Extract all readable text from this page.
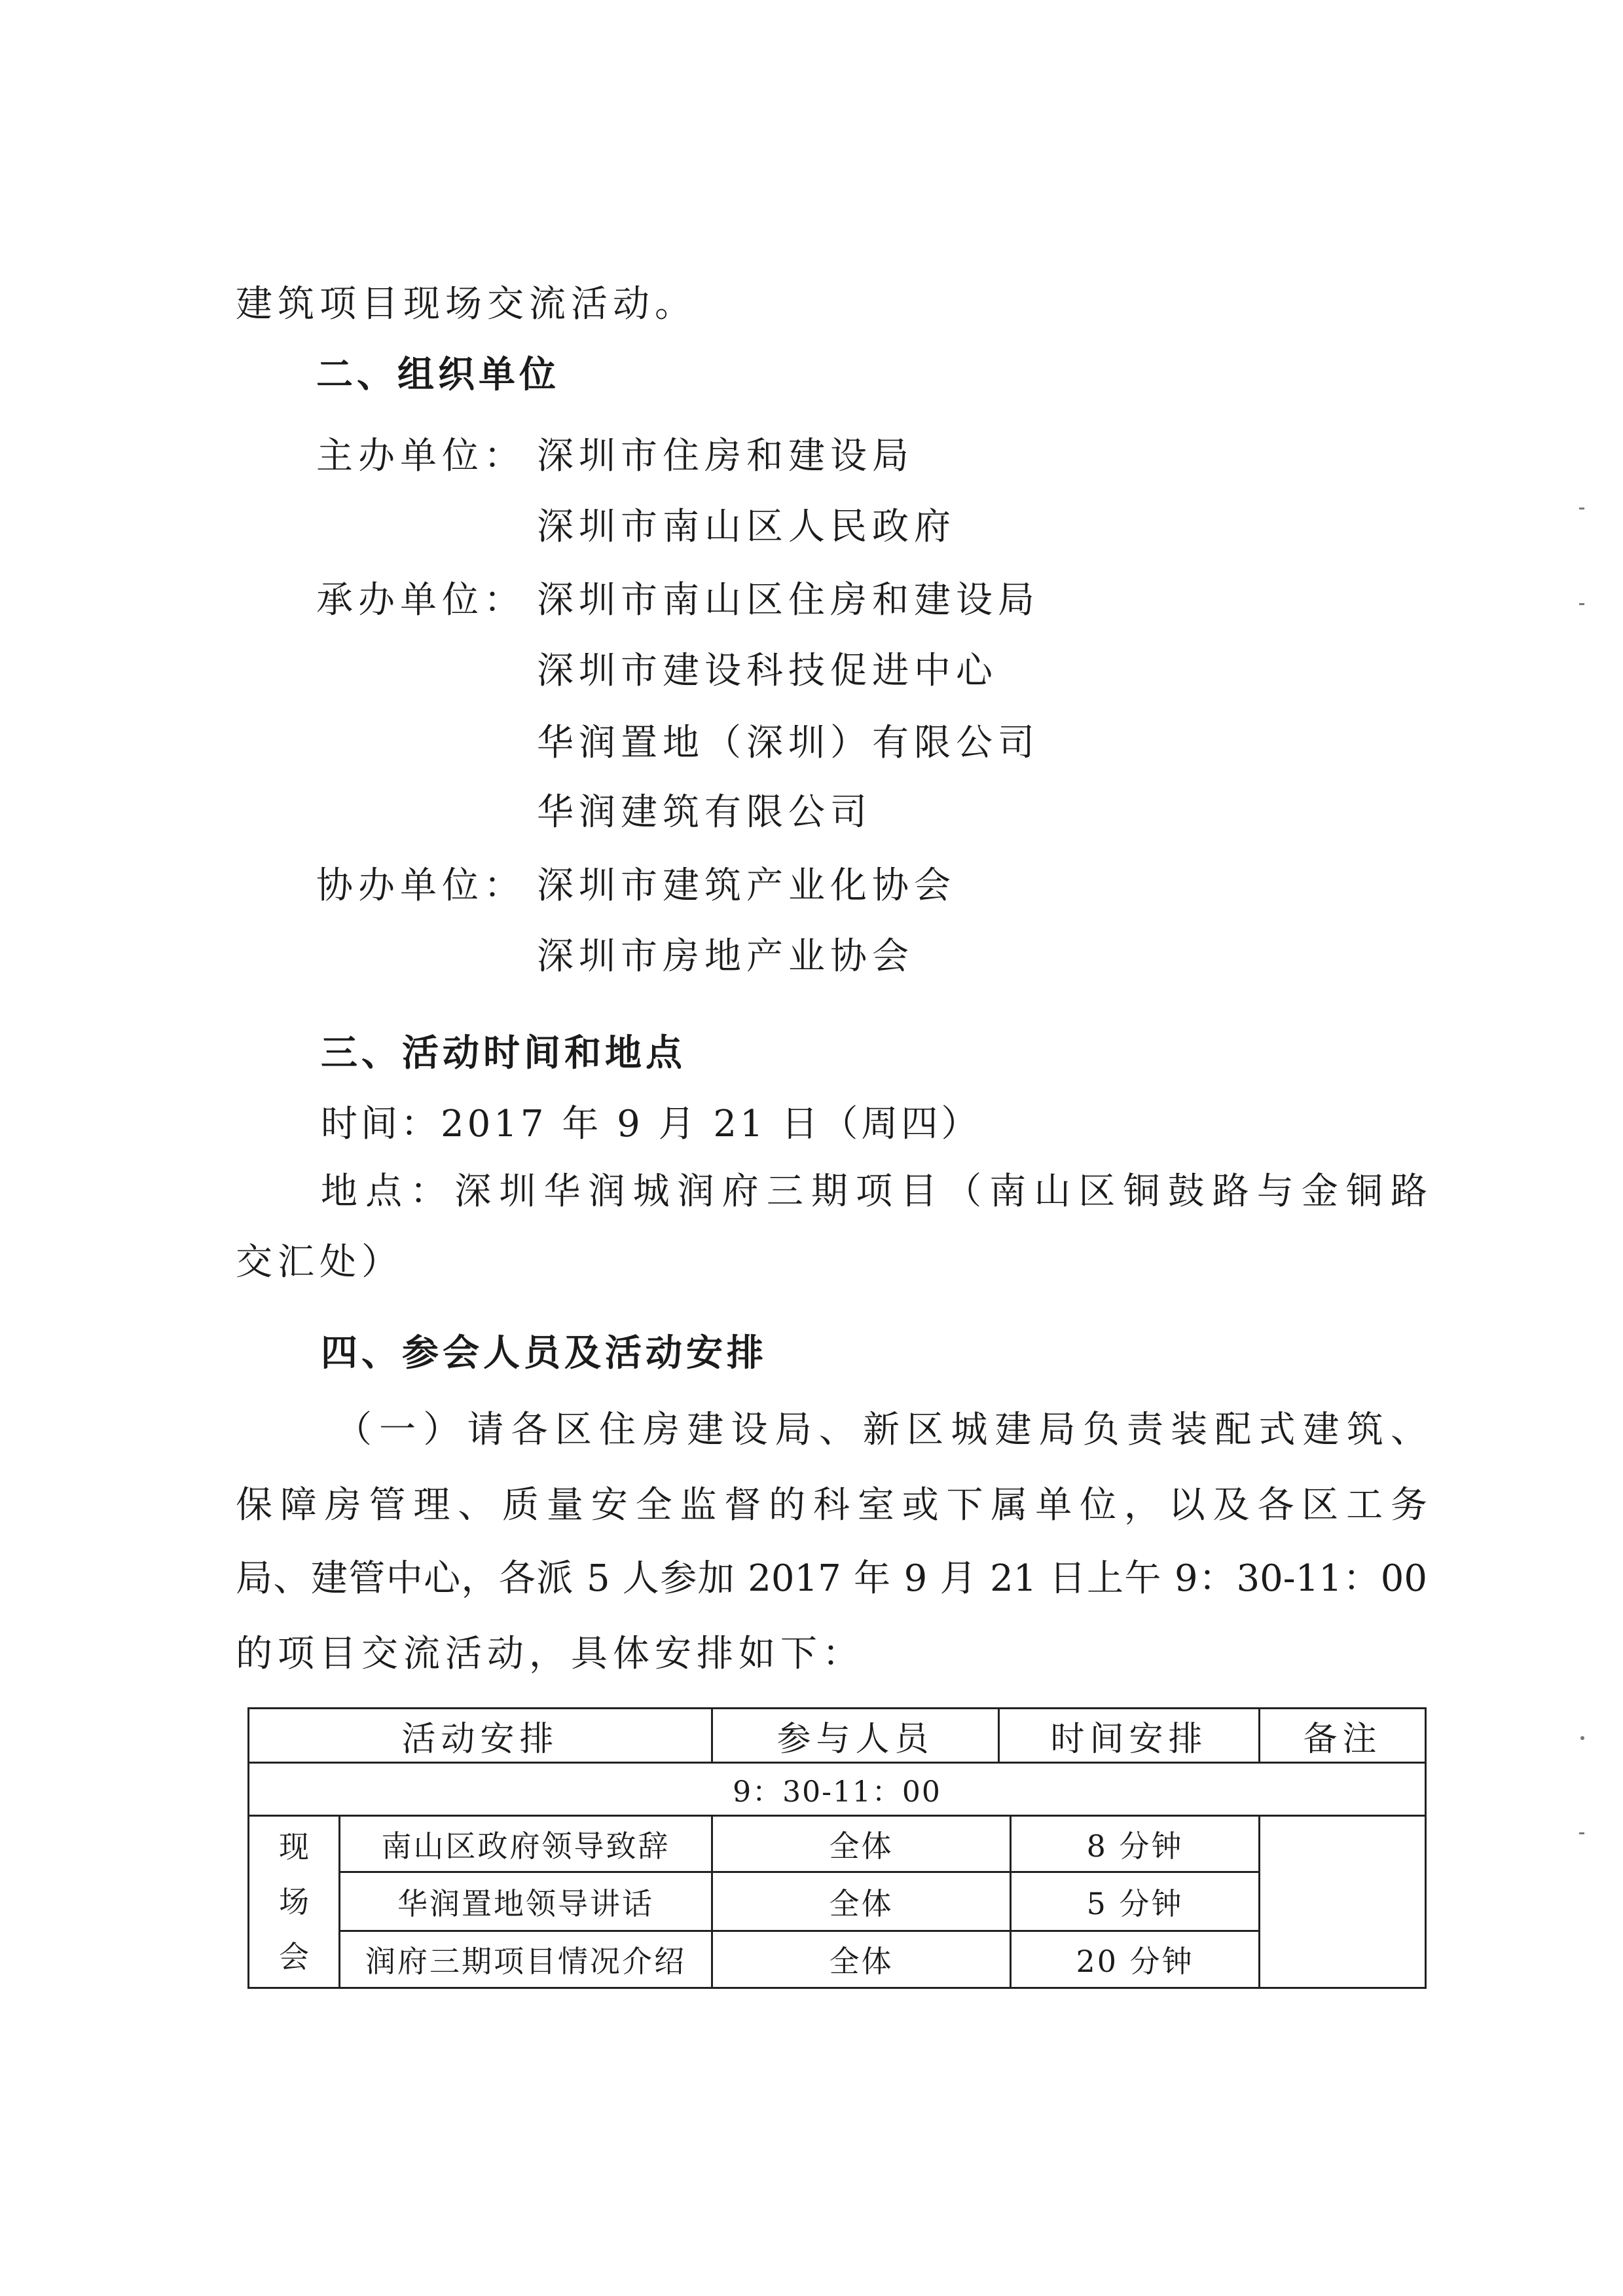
建筑项目现场交流活动。
二、组织单位
主办单位： 深圳市住房和建设局
深圳市南山区人民政府
承办单位： 深圳市南山区住房和建设局
深圳市建设科技促进中心
华润置地（深圳）有限公司
华润建筑有限公司
协办单位： 深圳市建筑产业化协会
深圳市房地产业协会
三、活动时间和地点
时间：2017 年 9 月 21 日（周四）
地点：深圳华润城润府三期项目（南山区铜鼓路与金铜路
交汇处）
四、参会人员及活动安排
（一）请各区住房建设局、新区城建局负责装配式建筑、
保障房管理、质量安全监督的科室或下属单位，以及各区工务
局、建管中心，各派 5 人参加 2017 年 9 月 21 日上午 9：30-11：00
的项目交流活动，具体安排如下：
活动安排		参与人员	时间安排		备注
9：30-11：00					

现场会	南山区政府领导致辞	全体		8 分钟	
	华润置地领导讲话	全体		5 分钟	
	润府三期项目情况介绍	全体		20 分钟	
